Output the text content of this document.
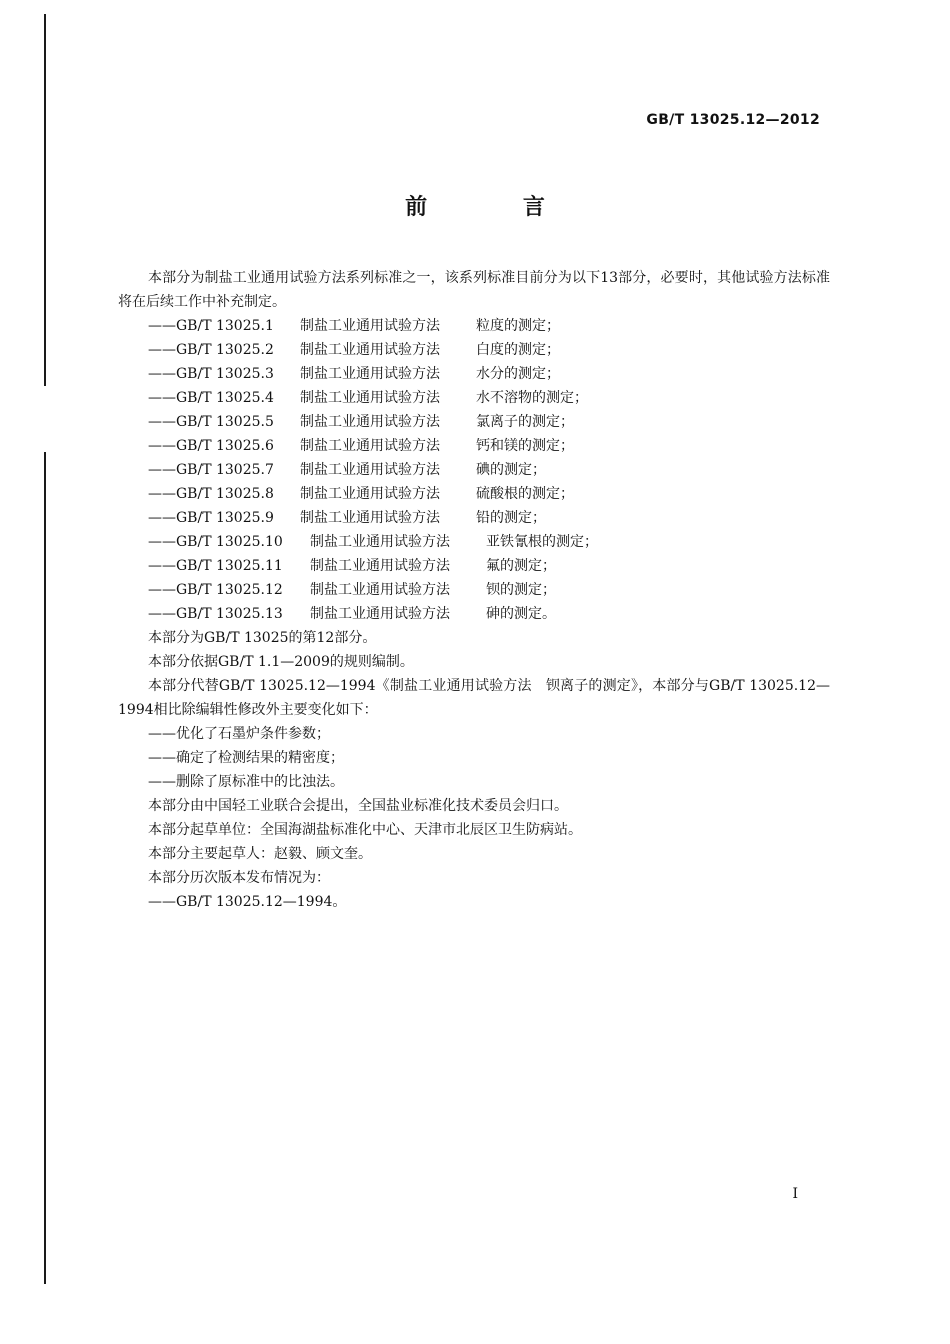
GB/T 13025.12—2012
前 言

本部分为制盐工业通用试验方法系列标准之一，该系列标准目前分为以下13部分，必要时，其他试验方法标准将在后续工作中补充制定。

——GB/T 13025.1	制盐工业通用试验方法	粒度的测定；
——GB/T 13025.2	制盐工业通用试验方法	白度的测定；
——GB/T 13025.3	制盐工业通用试验方法	水分的测定；
——GB/T 13025.4	制盐工业通用试验方法	水不溶物的测定；
——GB/T 13025.5	制盐工业通用试验方法	氯离子的测定；
——GB/T 13025.6	制盐工业通用试验方法	钙和镁的测定；
——GB/T 13025.7	制盐工业通用试验方法	碘的测定；
——GB/T 13025.8	制盐工业通用试验方法	硫酸根的测定；
——GB/T 13025.9	制盐工业通用试验方法	铅的测定；
——GB/T 13025.10	制盐工业通用试验方法	亚铁氰根的测定；
——GB/T 13025.11	制盐工业通用试验方法	氟的测定；
——GB/T 13025.12	制盐工业通用试验方法	钡的测定；
——GB/T 13025.13	制盐工业通用试验方法	砷的测定。

本部分为GB/T 13025的第12部分。

本部分依据GB/T 1.1—2009的规则编制。

本部分代替GB/T 13025.12—1994《制盐工业通用试验方法　钡离子的测定》，本部分与GB/T 13025.12—1994相比除编辑性修改外主要变化如下：

——优化了石墨炉条件参数；

——确定了检测结果的精密度；

——删除了原标准中的比浊法。

本部分由中国轻工业联合会提出，全国盐业标准化技术委员会归口。

本部分起草单位：全国海湖盐标准化中心、天津市北辰区卫生防病站。

本部分主要起草人：赵毅、顾文奎。

本部分历次版本发布情况为：

——GB/T 13025.12—1994。

I
